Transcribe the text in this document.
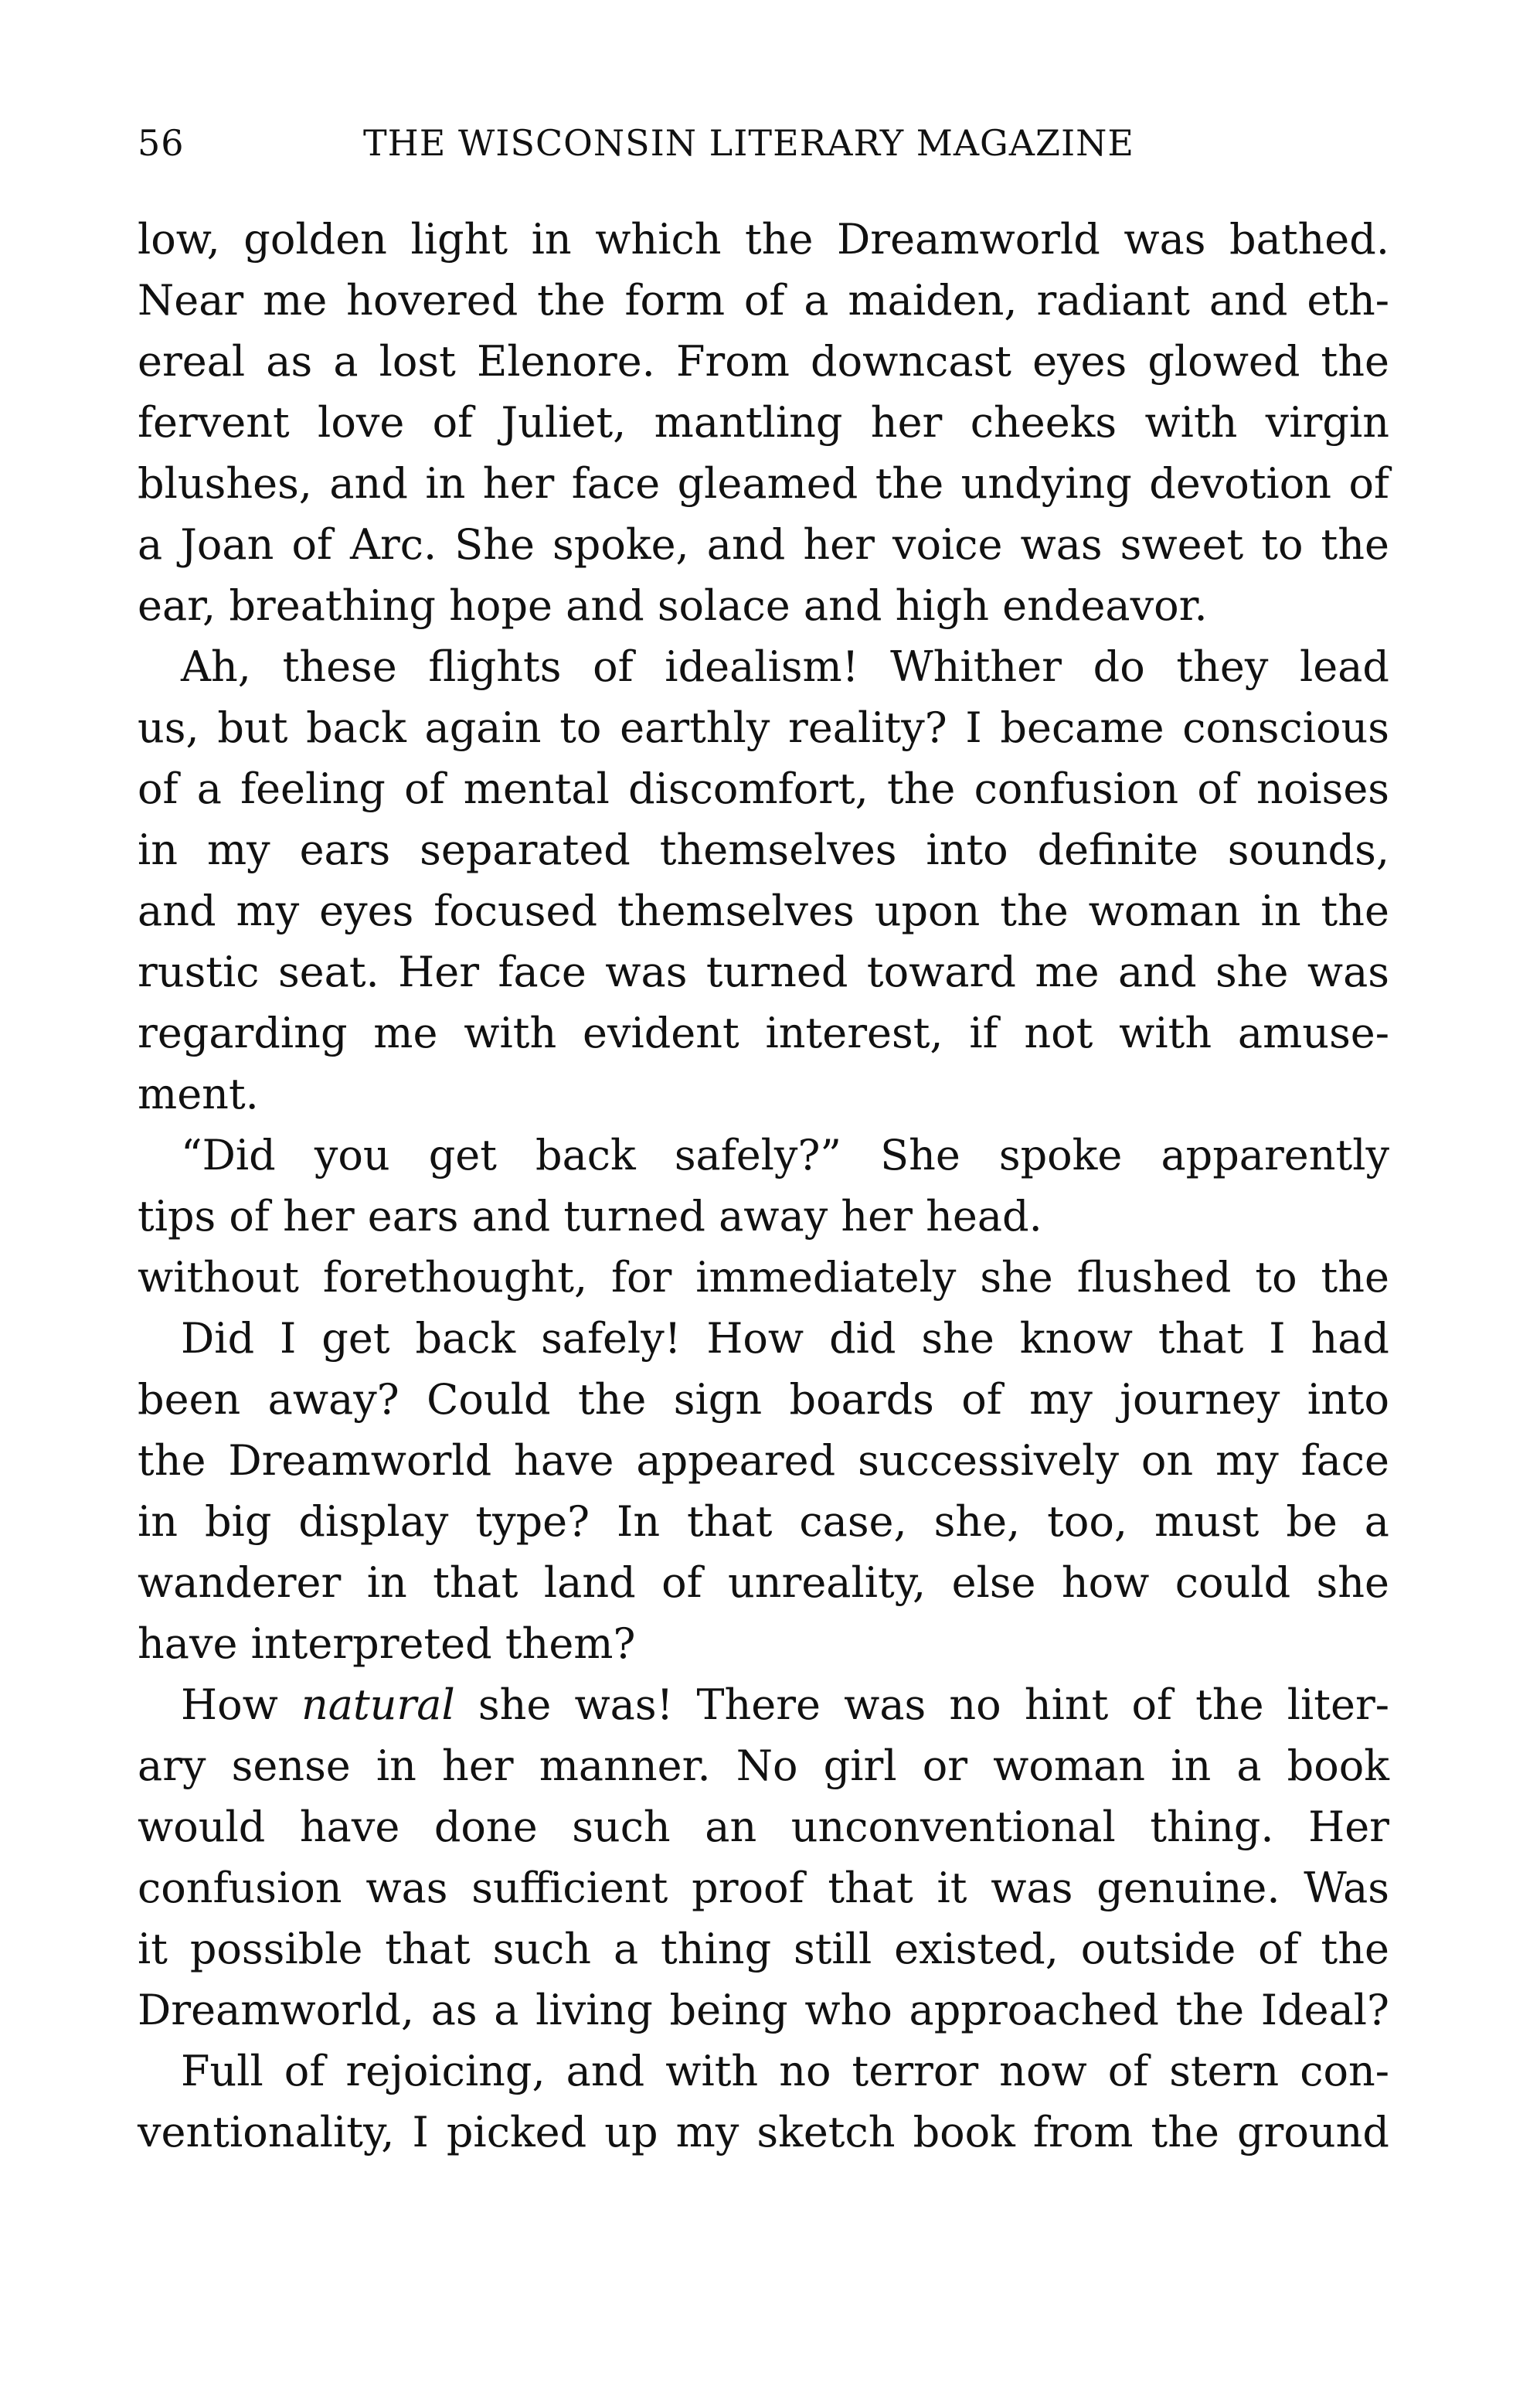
56	THE WISCONSIN LITERARY MAGAZINE
low, golden light in which the Dreamworld was bathed.
Near me hovered the form of a maiden, radiant and eth-
ereal as a lost Elenore. From downcast eyes glowed the
fervent love of Juliet, mantling her cheeks with virgin
blushes, and in her face gleamed the undying devotion of
a Joan of Arc. She spoke, and her voice was sweet to the
ear, breathing hope and solace and high endeavor.
Ah, these flights of idealism! Whither do they lead
us, but back again to earthly reality? I became conscious
of a feeling of mental discomfort, the confusion of noises
in my ears separated themselves into definite sounds,
and my eyes focused themselves upon the woman in the
rustic seat. Her face was turned toward me and she was
regarding me with evident interest, if not with amuse-
ment.
“Did you get back safely?” She spoke apparently
tips of her ears and turned away her head.
without forethought, for immediately she flushed to the
Did I get back safely! How did she know that I had
been away? Could the sign boards of my journey into
the Dreamworld have appeared successively on my face
in big display type? In that case, she, too, must be a
wanderer in that land of unreality, else how could she
have interpreted them?
How natural she was! There was no hint of the liter-
ary sense in her manner. No girl or woman in a book
would have done such an unconventional thing. Her
confusion was sufficient proof that it was genuine. Was
it possible that such a thing still existed, outside of the
Dreamworld, as a living being who approached the Ideal?
Full of rejoicing, and with no terror now of stern con-
ventionality, I picked up my sketch book from the ground
